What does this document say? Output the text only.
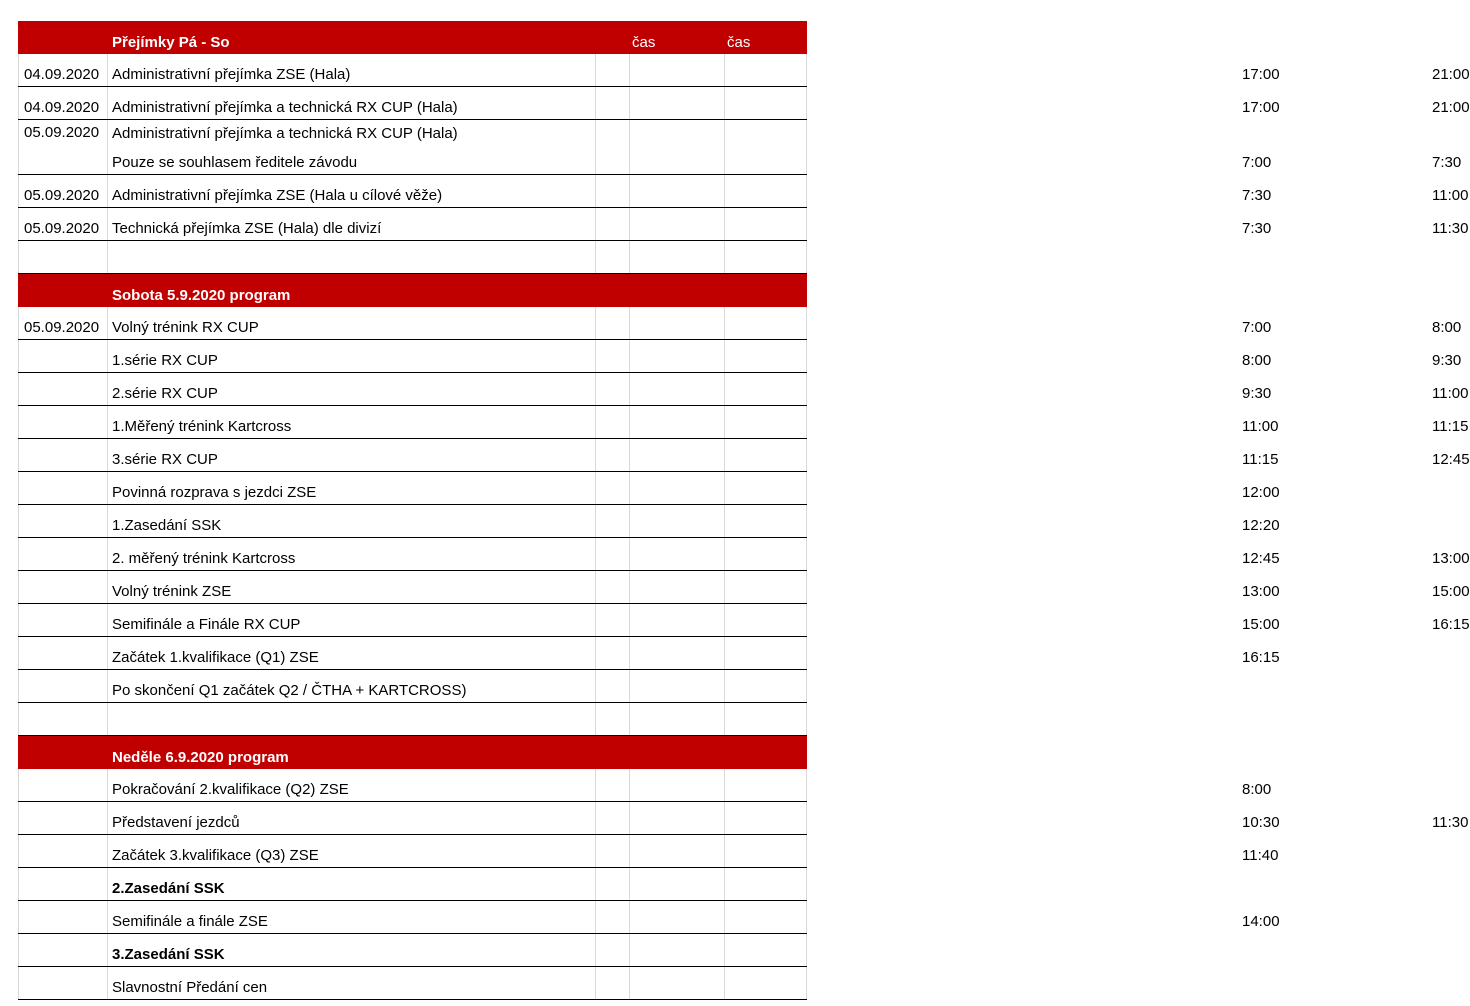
Přejímky Pá - So	čas	čas
04.09.2020 Administrativní přejímka ZSE (Hala)	17:00	21:00
04.09.2020 Administrativní přejímka a technická RX CUP (Hala)	17:00	21:00
05.09.2020 Administrativní přejímka a technická RX CUP (Hala)
Pouze se souhlasem ředitele závodu	7:00	7:30
05.09.2020 Administrativní přejímka ZSE (Hala u cílové věže)	7:30	11:00
05.09.2020 Technická přejímka ZSE (Hala) dle divizí	7:30	11:30
Sobota 5.9.2020 program
05.09.2020 Volný trénink RX CUP	7:00	8:00
1.série RX CUP	8:00	9:30
2.série RX CUP	9:30	11:00
1.Měřený trénink Kartcross	11:00	11:15
3.série RX CUP	11:15	12:45
Povinná rozprava s jezdci ZSE	12:00
1.Zasedání SSK	12:20
2. měřený trénink Kartcross	12:45	13:00
Volný trénink ZSE	13:00	15:00
Semifinále a Finále RX CUP	15:00	16:15
Začátek 1.kvalifikace (Q1) ZSE	16:15
Po skončení Q1 začátek Q2 / ČTHA + KARTCROSS)
Neděle 6.9.2020 program
Pokračování 2.kvalifikace (Q2) ZSE	8:00
Představení jezdců	10:30	11:30
Začátek 3.kvalifikace (Q3) ZSE	11:40
2.Zasedání SSK
Semifinále a finále ZSE	14:00
3.Zasedání SSK
Slavnostní Předání cen
